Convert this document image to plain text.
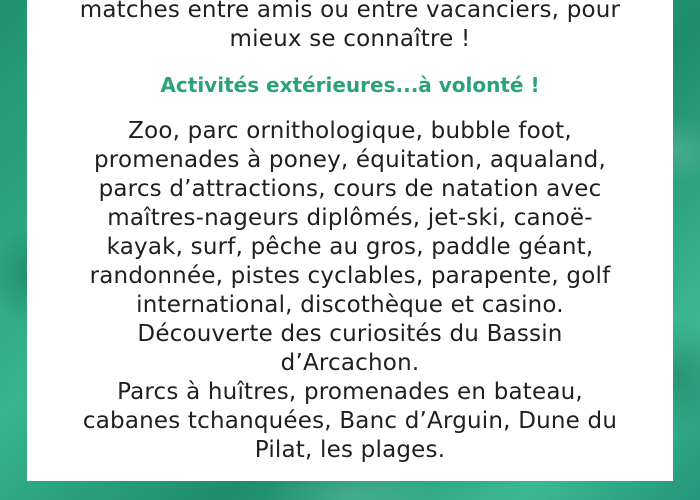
matches entre amis ou entre vacanciers, pour
mieux se connaître !

Activités extérieures...à volonté !

Zoo, parc ornithologique, bubble foot,
promenades à poney, équitation, aqualand,
parcs d’attractions, cours de natation avec
maîtres-nageurs diplômés, jet-ski, canoë-
kayak, surf, pêche au gros, paddle géant,
randonnée, pistes cyclables, parapente, golf
international, discothèque et casino.
Découverte des curiosités du Bassin
d’Arcachon.
Parcs à huîtres, promenades en bateau,
cabanes tchanquées, Banc d’Arguin, Dune du
Pilat, les plages.
